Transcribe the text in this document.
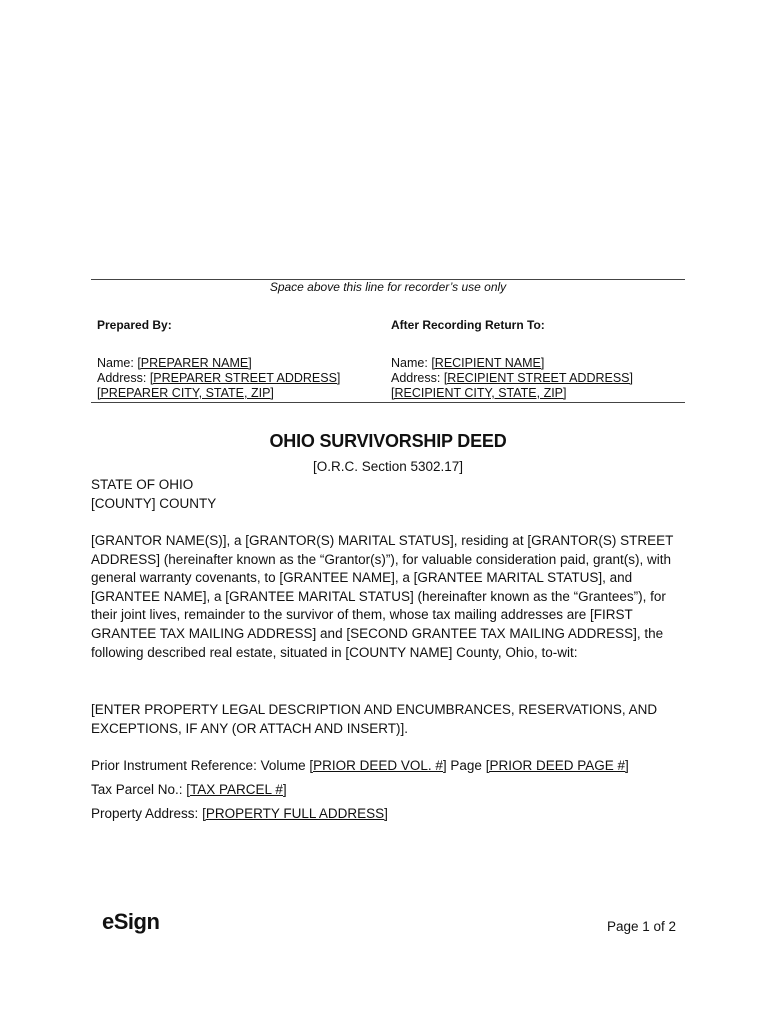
Space above this line for recorder’s use only
Prepared By:	After Recording Return To:
Name: [PREPARER NAME]
Address: [PREPARER STREET ADDRESS]
[PREPARER CITY, STATE, ZIP]
Name: [RECIPIENT NAME]
Address: [RECIPIENT STREET ADDRESS]
[RECIPIENT CITY, STATE, ZIP]
OHIO SURVIVORSHIP DEED
[O.R.C. Section 5302.17]
STATE OF OHIO
[COUNTY] COUNTY
[GRANTOR NAME(S)], a [GRANTOR(S) MARITAL STATUS], residing at [GRANTOR(S) STREET ADDRESS] (hereinafter known as the “Grantor(s)”), for valuable consideration paid, grant(s), with general warranty covenants, to [GRANTEE NAME], a [GRANTEE MARITAL STATUS], and [GRANTEE NAME], a [GRANTEE MARITAL STATUS] (hereinafter known as the “Grantees”), for their joint lives, remainder to the survivor of them, whose tax mailing addresses are [FIRST GRANTEE TAX MAILING ADDRESS] and [SECOND GRANTEE TAX MAILING ADDRESS], the following described real estate, situated in [COUNTY NAME] County, Ohio, to-wit:
[ENTER PROPERTY LEGAL DESCRIPTION AND ENCUMBRANCES, RESERVATIONS, AND EXCEPTIONS, IF ANY (OR ATTACH AND INSERT)].
Prior Instrument Reference: Volume [PRIOR DEED VOL. #] Page [PRIOR DEED PAGE #]
Tax Parcel No.: [TAX PARCEL #]
Property Address: [PROPERTY FULL ADDRESS]
eSign	Page 1 of 2
